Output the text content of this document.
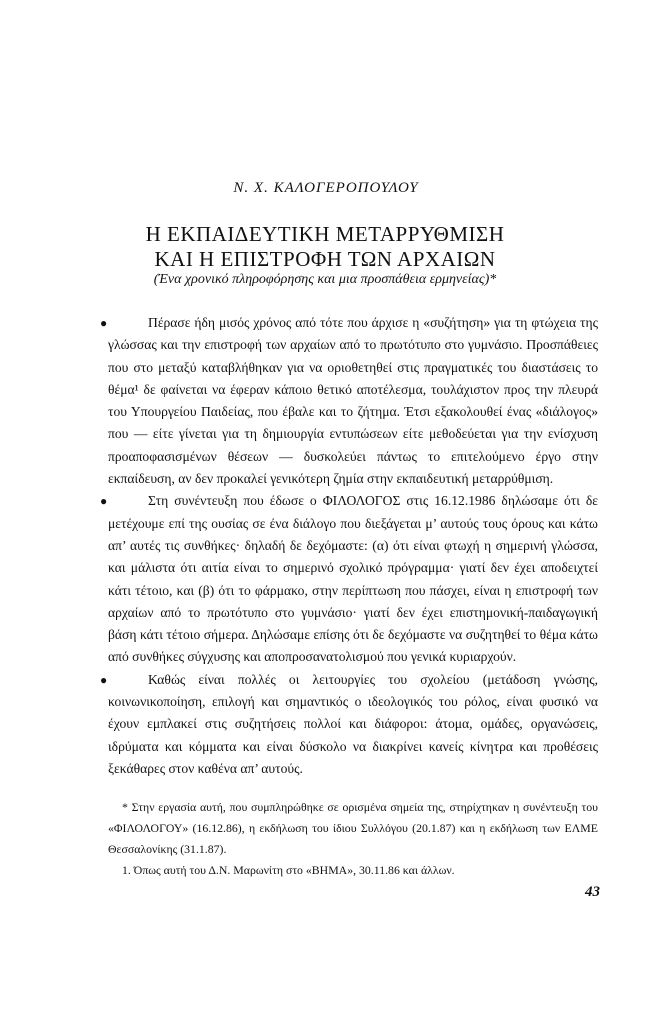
Ν. Χ. ΚΑΛΟΓΕΡΟΠΟΥΛΟΥ
Η ΕΚΠΑΙΔΕΥΤΙΚΗ ΜΕΤΑΡΡΥΘΜΙΣΗ
ΚΑΙ Η ΕΠΙΣΤΡΟΦΗ ΤΩΝ ΑΡΧΑΙΩΝ
(Ένα χρονικό πληροφόρησης και μια προσπάθεια ερμηνείας)*

●	Πέρασε ήδη μισός χρόνος από τότε που άρχισε η «συζήτηση» για τη φτώχεια της γλώσσας και την επιστροφή των αρχαίων από το πρωτότυπο στο γυμνάσιο. Προσπάθειες που στο μεταξύ καταβλήθηκαν για να οριοθετηθεί στις πραγματικές του διαστάσεις το θέμα¹ δε φαίνεται να έφεραν κάποιο θετικό αποτέλεσμα, τουλάχιστον προς την πλευρά του Υπουργείου Παιδείας, που έβαλε και το ζήτημα. Έτσι εξακολουθεί ένας «διάλογος» που — είτε γίνεται για τη δημιουργία εντυπώσεων είτε μεθοδεύεται για την ενίσχυση προαποφασισμένων θέσεων — δυσκολεύει πάντως το επιτελούμενο έργο στην εκπαίδευση, αν δεν προκαλεί γενικότερη ζημία στην εκπαιδευτική μεταρρύθμιση.

●	Στη συνέντευξη που έδωσε ο ΦΙΛΟΛΟΓΟΣ στις 16.12.1986 δηλώσαμε ότι δε μετέχουμε επί της ουσίας σε ένα διάλογο που διεξάγεται μ’ αυτούς τους όρους και κάτω απ’ αυτές τις συνθήκες· δηλαδή δε δεχόμαστε: (α) ότι είναι φτωχή η σημερινή γλώσσα, και μάλιστα ότι αιτία είναι το σημερινό σχολικό πρόγραμμα· γιατί δεν έχει αποδειχτεί κάτι τέτοιο, και (β) ότι το φάρμακο, στην περίπτωση που πάσχει, είναι η επιστροφή των αρχαίων από το πρωτότυπο στο γυμνάσιο· γιατί δεν έχει επιστημονική-παιδαγωγική βάση κάτι τέτοιο σήμερα. Δηλώσαμε επίσης ότι δε δεχόμαστε να συζητηθεί το θέμα κάτω από συνθήκες σύγχυσης και αποπροσανατολισμού που γενικά κυριαρχούν.

●	Καθώς είναι πολλές οι λειτουργίες του σχολείου (μετάδοση γνώσης, κοινωνικοποίηση, επιλογή και σημαντικός ο ιδεολογικός του ρόλος, είναι φυσικό να έχουν εμπλακεί στις συζητήσεις πολλοί και διάφοροι: άτομα, ομάδες, οργανώσεις, ιδρύματα και κόμματα και είναι δύσκολο να διακρίνει κανείς κίνητρα και προθέσεις ξεκάθαρες στον καθένα απ’ αυτούς.

* Στην εργασία αυτή, που συμπληρώθηκε σε ορισμένα σημεία της, στηρίχτηκαν η συνέντευξη του «ΦΙΛΟΛΟΓΟΥ» (16.12.86), η εκδήλωση του ίδιου Συλλόγου (20.1.87) και η εκδήλωση των ΕΛΜΕ Θεσσαλονίκης (31.1.87).

1. Όπως αυτή του Δ.Ν. Μαρωνίτη στο «ΒΗΜΑ», 30.11.86 και άλλων.

43
